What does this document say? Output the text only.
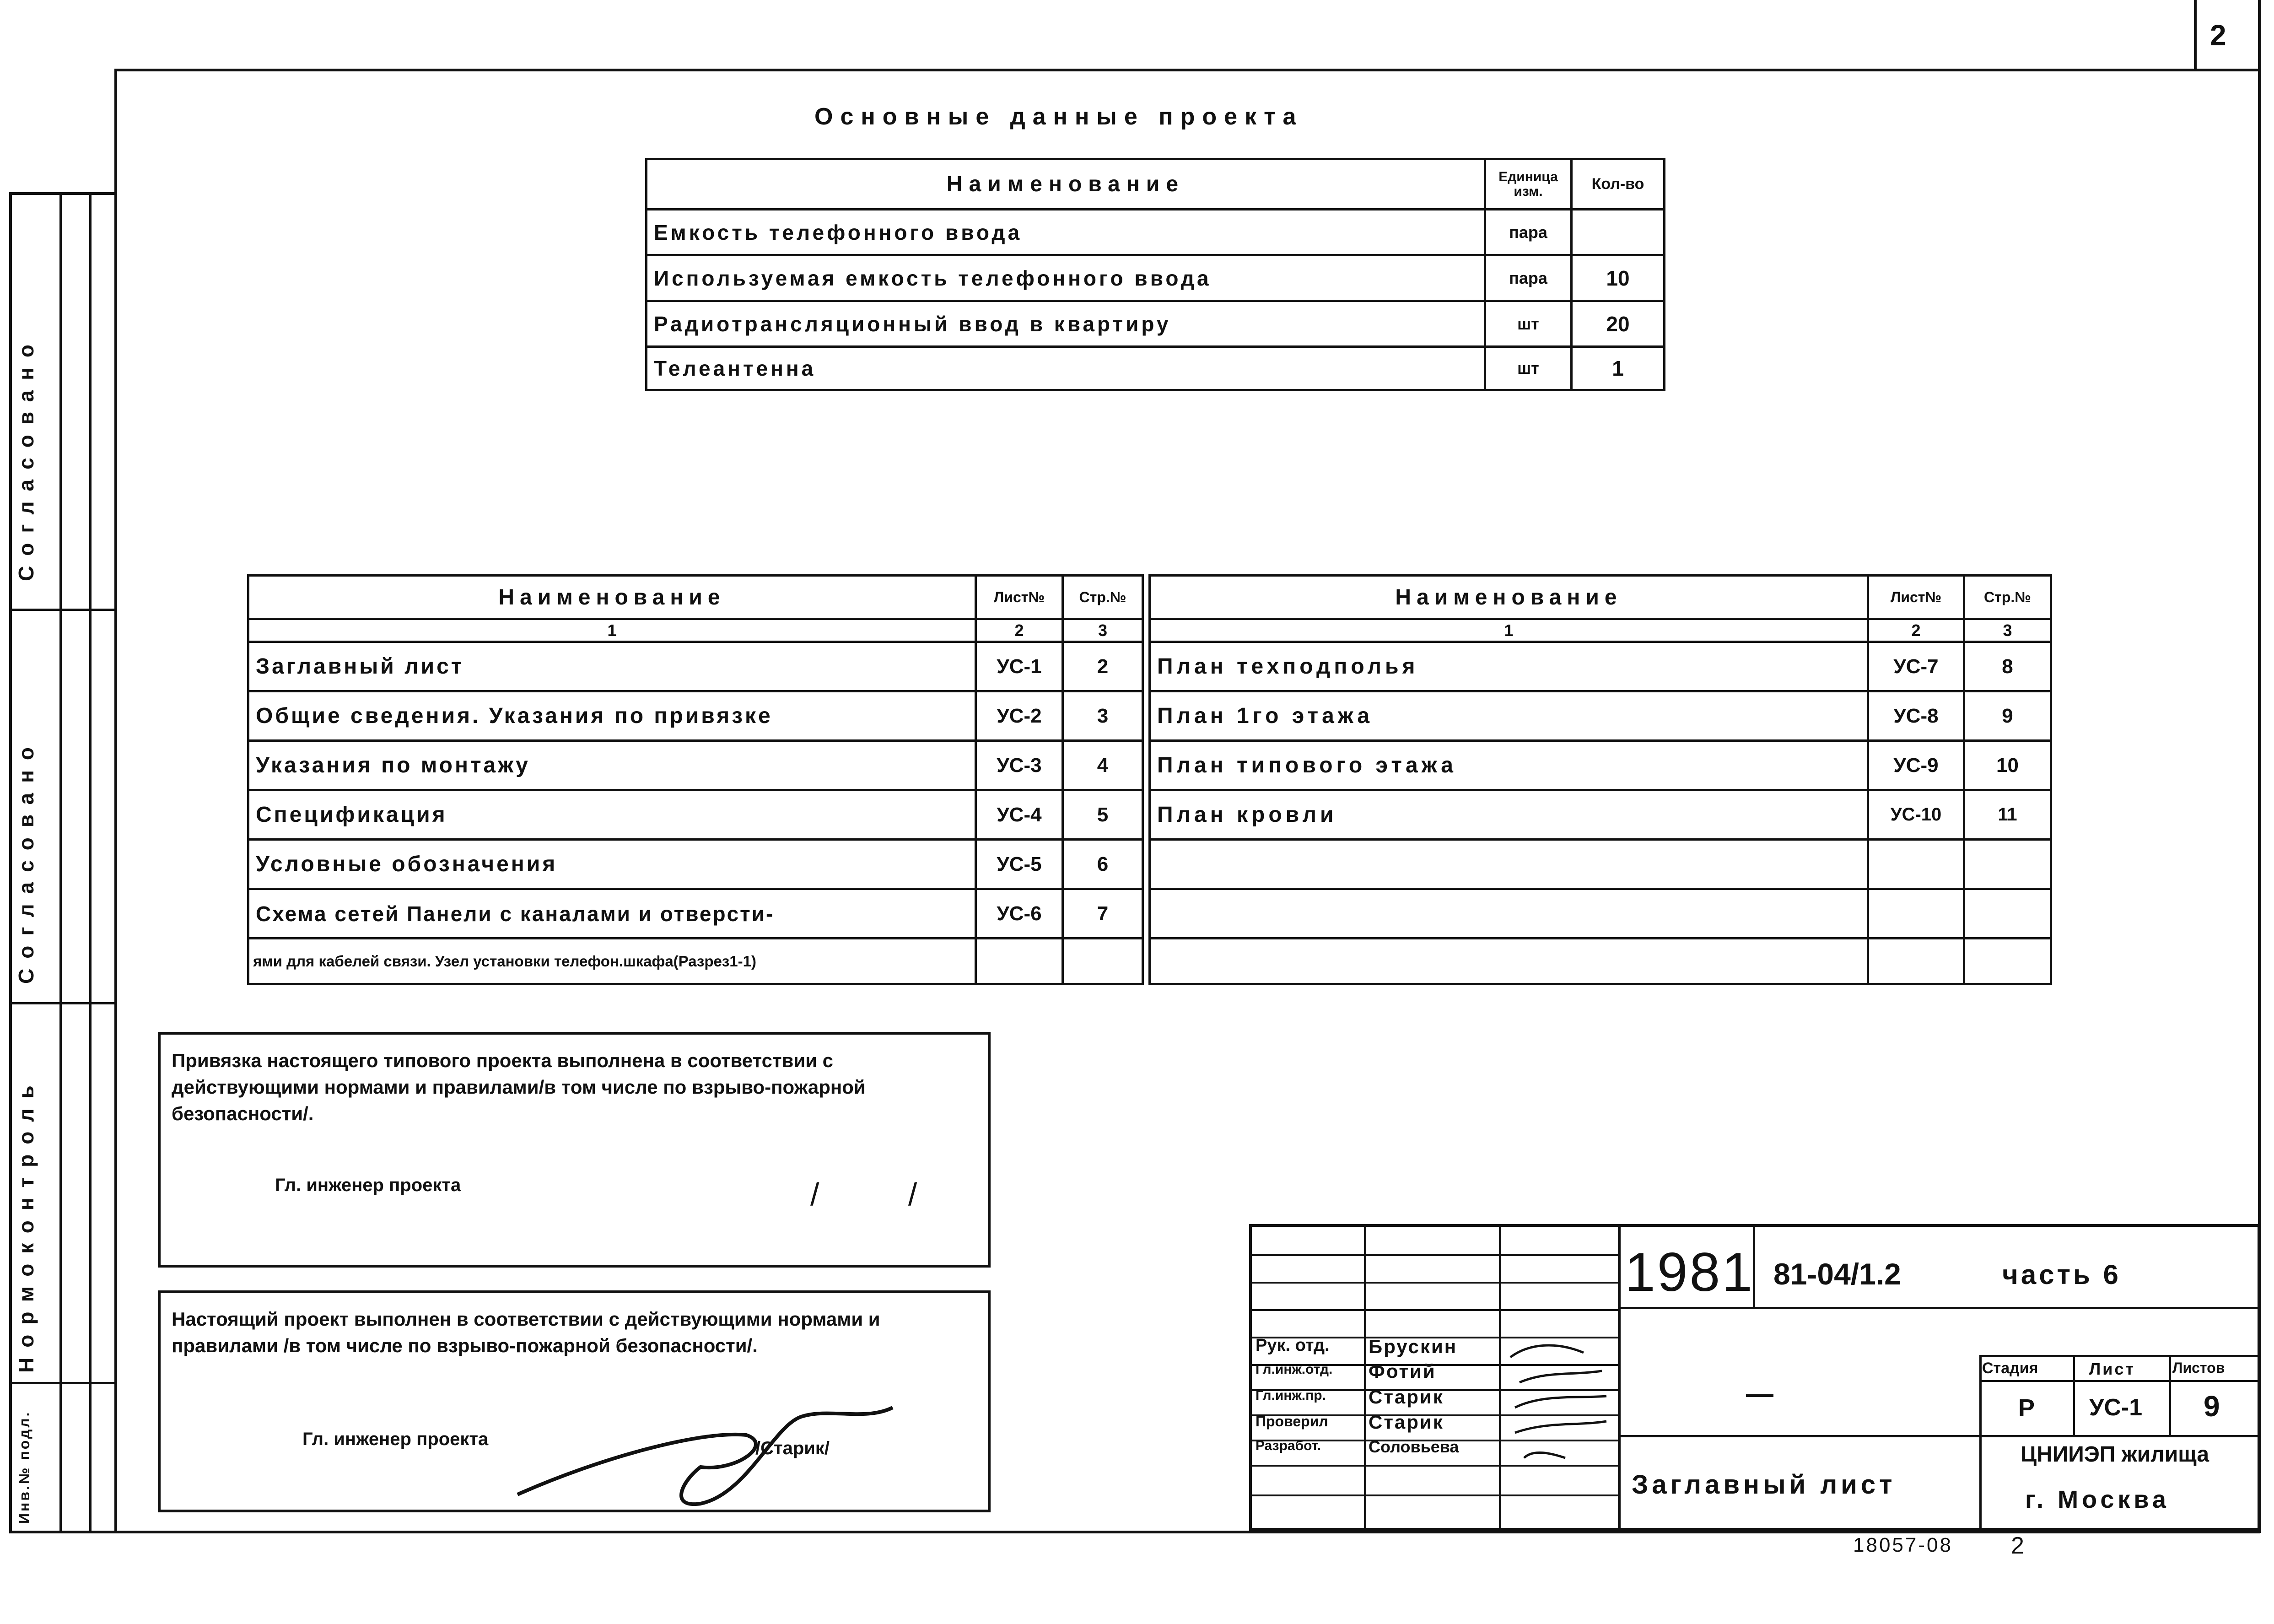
2
Согласовано
Согласовано
Нормоконтроль
Инв.№ подл.
Основные данные проекта
Наименование	Единица изм.	Кол-во
Емкость телефонного ввода	пара	
Используемая емкость телефонного ввода	пара	10
Радиотрансляционный ввод в квартиру	шт	20
Телеантенна	шт	1
Наименование	Лист№	Стр.№
1	2	3
Заглавный лист	УС-1	2
Общие сведения. Указания по привязке	УС-2	3
Указания по монтажу	УС-3	4
Спецификация	УС-4	5
Условные обозначения	УС-5	6
Схема сетей Панели с каналами и отверсти-	УС-6	7
ями для кабелей связи. Узел установки телефон.шкафа(Разрез1-1)		
Наименование	Лист№	Стр.№
1	2	3
План техподполья	УС-7	8
План 1го этажа	УС-8	9
План типового этажа	УС-9	10
План кровли	УС-10	11

Привязка настоящего типового проекта выполнена в соответствии с действующими нормами и правилами/в том числе по взрыво-пожарной безопасности/.
Гл. инженер проекта	/          /
Настоящий проект выполнен в соответствии с действующими нормами и правилами /в том числе по взрыво-пожарной безопасности/.
Гл. инженер проекта	/Старик/
Рук. отд. Брускин
Гл.инж.отд. Фотий
Гл.инж.пр. Старик
Проверил Старик
Разработ.	Соловьева
1981 81-04/1.2	часть 6
—
Стадия	Лист	Листов
Р УС-1 9
Заглавный лист
ЦНИИЭП жилища
г. Москва
18057-08 2
